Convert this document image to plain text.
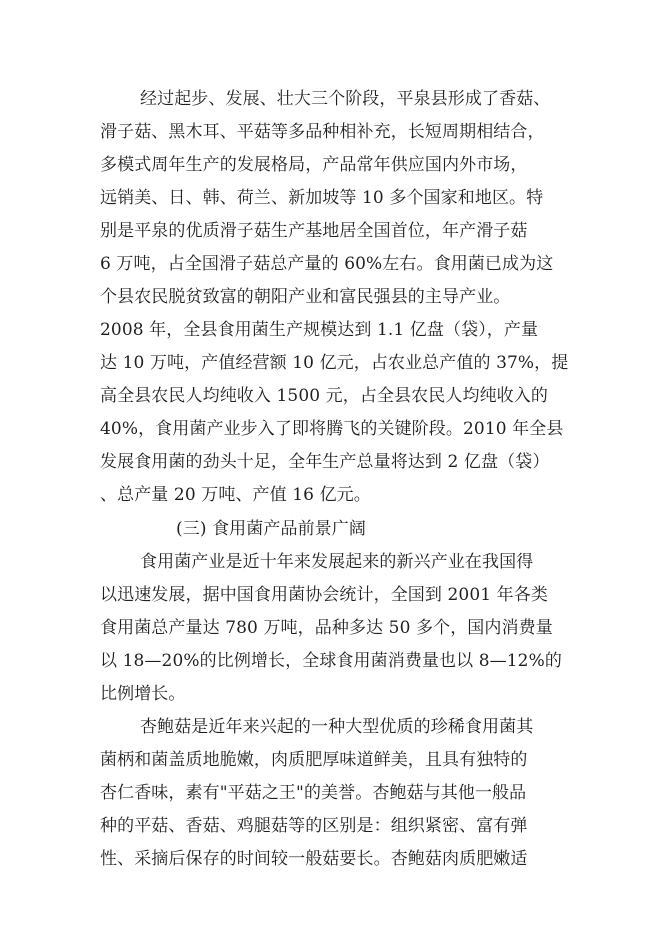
经过起步、发展、壮大三个阶段，平泉县形成了香菇、
滑子菇、黑木耳、平菇等多品种相补充，长短周期相结合，
多模式周年生产的发展格局，产品常年供应国内外市场，
远销美、日、韩、荷兰、新加坡等 10 多个国家和地区。特
别是平泉的优质滑子菇生产基地居全国首位，年产滑子菇
6 万吨，占全国滑子菇总产量的 60%左右。食用菌已成为这
个县农民脱贫致富的朝阳产业和富民强县的主导产业。
2008 年，全县食用菌生产规模达到 1.1 亿盘（袋），产量
达 10 万吨，产值经营额 10 亿元，占农业总产值的 37%，提
高全县农民人均纯收入 1500 元，占全县农民人均纯收入的
40%，食用菌产业步入了即将腾飞的关键阶段。2010 年全县
发展食用菌的劲头十足，全年生产总量将达到 2 亿盘（袋）
、总产量 20 万吨、产值 16 亿元。
(三) 食用菌产品前景广阔
食用菌产业是近十年来发展起来的新兴产业在我国得
以迅速发展，据中国食用菌协会统计，全国到 2001 年各类
食用菌总产量达 780 万吨，品种多达 50 多个，国内消费量
以 18—20%的比例增长，全球食用菌消费量也以 8—12%的
比例增长。
杏鲍菇是近年来兴起的一种大型优质的珍稀食用菌其
菌柄和菌盖质地脆嫩，肉质肥厚味道鲜美，且具有独特的
杏仁香味，素有"平菇之王"的美誉。杏鲍菇与其他一般品
种的平菇、香菇、鸡腿菇等的区别是：组织紧密、富有弹
性、采摘后保存的时间较一般菇要长。杏鲍菇肉质肥嫩适
